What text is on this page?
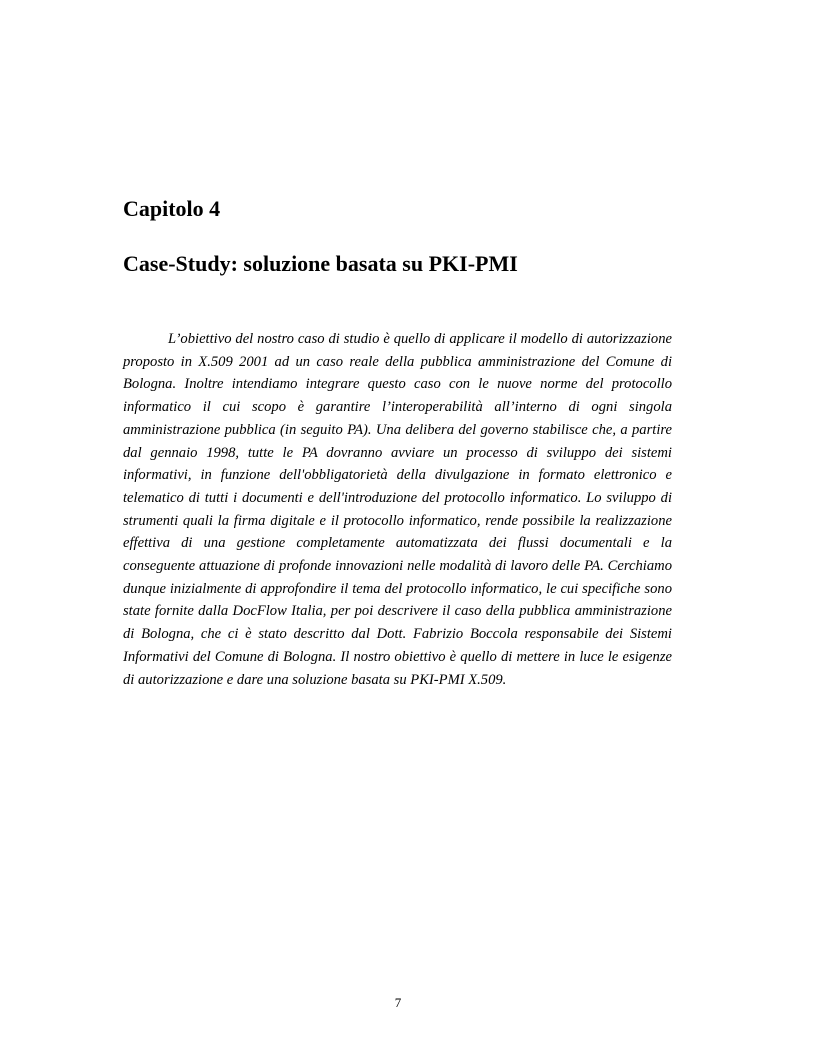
Capitolo 4
Case-Study: soluzione basata su PKI-PMI

L’obiettivo del nostro caso di studio è quello di applicare il modello di autorizzazione proposto in X.509 2001 ad un caso reale della pubblica amministrazione del Comune di Bologna. Inoltre intendiamo integrare questo caso con le nuove norme del protocollo informatico il cui scopo è garantire l’interoperabilità all’interno di ogni singola amministrazione pubblica (in seguito PA). Una delibera del governo stabilisce che, a partire dal gennaio 1998, tutte le PA dovranno avviare un processo di sviluppo dei sistemi informativi, in funzione dell'obbligatorietà della divulgazione in formato elettronico e telematico di tutti i documenti e dell'introduzione del protocollo informatico. Lo sviluppo di strumenti quali la firma digitale e il protocollo informatico, rende possibile la realizzazione effettiva di una gestione completamente automatizzata dei flussi documentali e la conseguente attuazione di profonde innovazioni nelle modalità di lavoro delle PA. Cerchiamo dunque inizialmente di approfondire il tema del protocollo informatico, le cui specifiche sono state fornite dalla DocFlow Italia, per poi descrivere il caso della pubblica amministrazione di Bologna, che ci è stato descritto dal Dott. Fabrizio Boccola responsabile dei Sistemi Informativi del Comune di Bologna. Il nostro obiettivo è quello di mettere in luce le esigenze di autorizzazione e dare una soluzione basata su PKI-PMI X.509.

7
